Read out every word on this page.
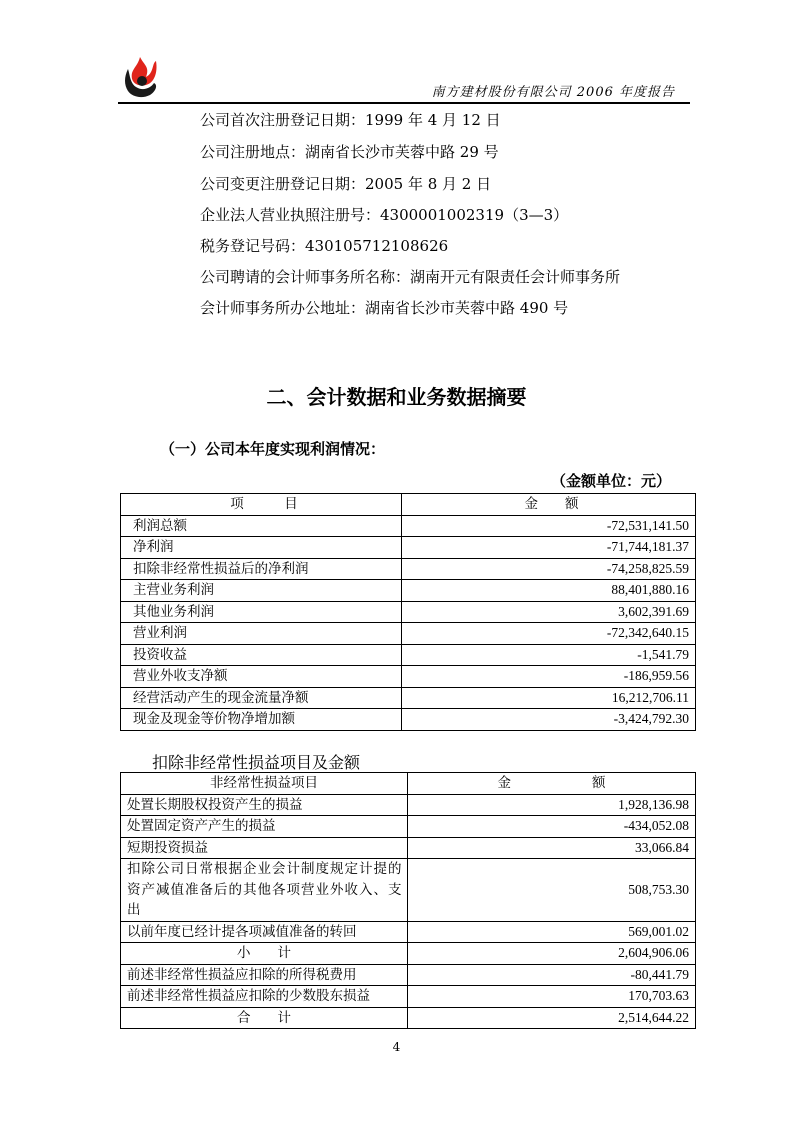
南方建材股份有限公司 2006 年度报告
公司首次注册登记日期：1999 年 4 月 12 日
公司注册地点：湖南省长沙市芙蓉中路 29 号
公司变更注册登记日期：2005 年 8 月 2 日
企业法人营业执照注册号：4300001002319（3—3）
税务登记号码：430105712108626
公司聘请的会计师事务所名称：湖南开元有限责任会计师事务所
会计师事务所办公地址：湖南省长沙市芙蓉中路 490 号
二、会计数据和业务数据摘要
（一）公司本年度实现利润情况：
（金额单位：元）
项　　　目	金　　额
利润总额	-72,531,141.50
净利润	-71,744,181.37
扣除非经常性损益后的净利润	-74,258,825.59
主营业务利润	88,401,880.16
其他业务利润	3,602,391.69
营业利润	-72,342,640.15
投资收益	-1,541.79
营业外收支净额	-186,959.56
经营活动产生的现金流量净额	16,212,706.11
现金及现金等价物净增加额	-3,424,792.30
扣除非经常性损益项目及金额
非经常性损益项目	金　　　　　　额
处置长期股权投资产生的损益	1,928,136.98
处置固定资产产生的损益	-434,052.08
短期投资损益	33,066.84
扣除公司日常根据企业会计制度规定计提的资产减值准备后的其他各项营业外收入、支出	508,753.30
以前年度已经计提各项减值准备的转回	569,001.02
小　　计	2,604,906.06
前述非经常性损益应扣除的所得税费用	-80,441.79
前述非经常性损益应扣除的少数股东损益	170,703.63
合　　计	2,514,644.22
4
